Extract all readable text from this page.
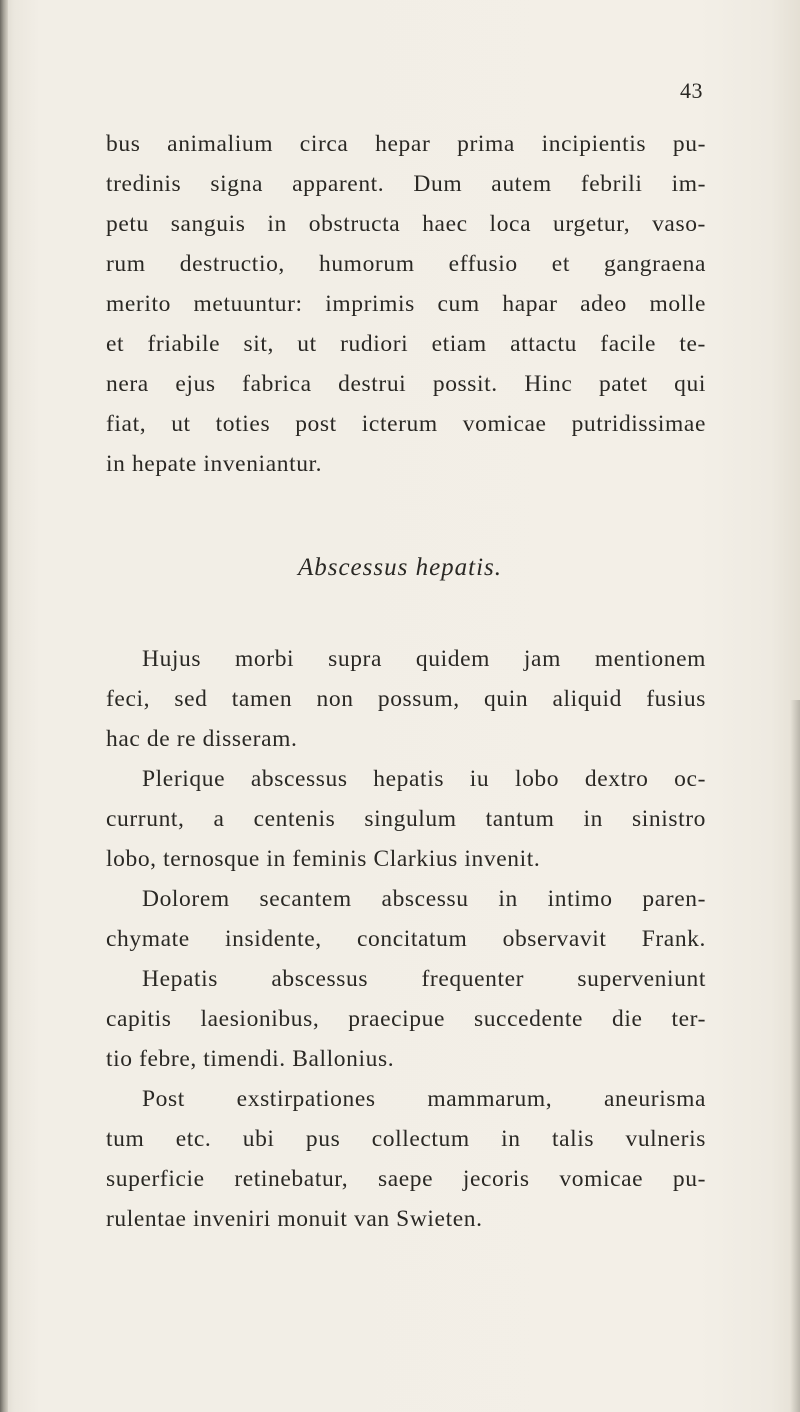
43
bus animalium circa hepar prima incipientis pu-
tredinis signa apparent. Dum autem febrili im-
petu sanguis in obstructa haec loca urgetur, vaso-
rum destructio, humorum effusio et gangraena
merito metuuntur: imprimis cum hapar adeo molle
et friabile sit, ut rudiori etiam attactu facile te-
nera ejus fabrica destrui possit. Hinc patet qui
fiat, ut toties post icterum vomicae putridissimae
in hepate inveniantur.
Abscessus hepatis.
Hujus morbi supra quidem jam mentionem
feci, sed tamen non possum, quin aliquid fusius
hac de re disseram.
Plerique abscessus hepatis iu lobo dextro oc-
currunt, a centenis singulum tantum in sinistro
lobo, ternosque in feminis Clarkius invenit.
Dolorem secantem abscessu in intimo paren-
chymate insidente, concitatum observavit Frank.
Hepatis abscessus frequenter superveniunt
capitis laesionibus, praecipue succedente die ter-
tio febre, timendi. Ballonius.
Post exstirpationes mammarum, aneurisma
tum etc. ubi pus collectum in talis vulneris
superficie retinebatur, saepe jecoris vomicae pu-
rulentae inveniri monuit van Swieten.
